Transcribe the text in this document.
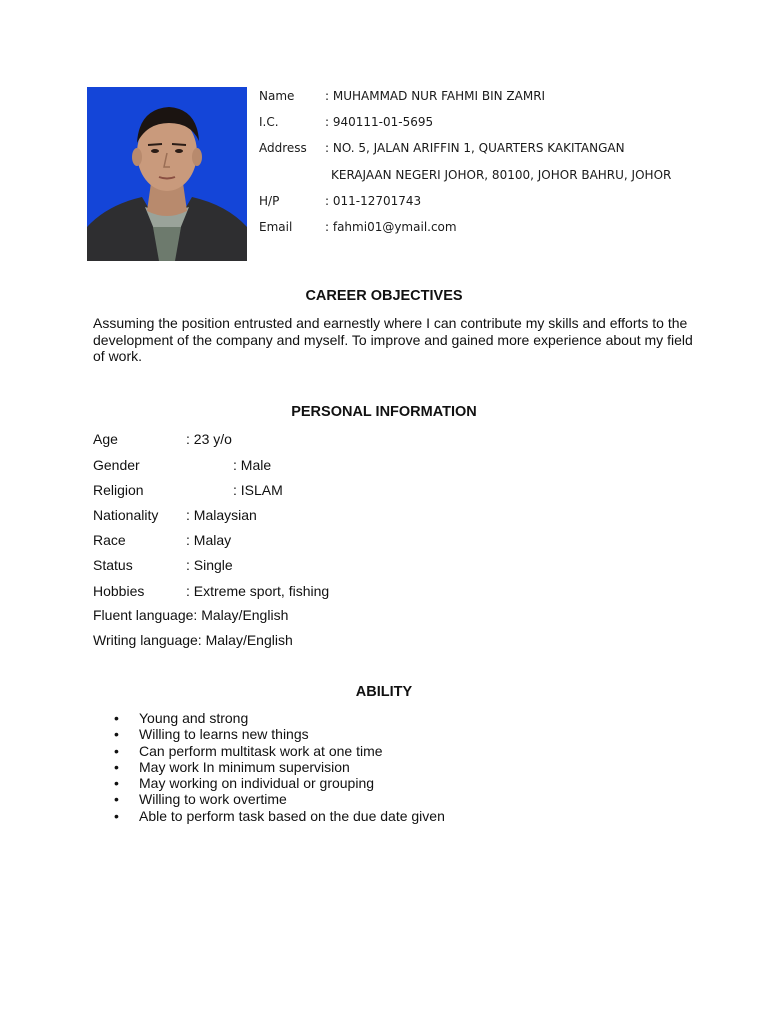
Name	: MUHAMMAD NUR FAHMI BIN ZAMRI
I.C.	: 940111-01-5695
Address : NO. 5, JALAN ARIFFIN 1, QUARTERS KAKITANGAN
KERAJAAN NEGERI JOHOR, 80100, JOHOR BAHRU, JOHOR
H/P	: 011-12701743
Email	: fahmi01@ymail.com
CAREER OBJECTIVES
Assuming the position entrusted and earnestly where I can contribute my skills and efforts to the development of the company and myself. To improve and gained more experience about my field of work.
PERSONAL INFORMATION
Age	: 23 y/o
Gender	: Male
Religion	: ISLAM
Nationality : Malaysian
Race	: Malay
Status	: Single
Hobbies	: Extreme sport, fishing
Fluent language: Malay/English
Writing language: Malay/English
ABILITY
• Young and strong
• Willing to learns new things
• Can perform multitask work at one time
• May work In minimum supervision
• May working on individual or grouping
• Willing to work overtime
• Able to perform task based on the due date given
